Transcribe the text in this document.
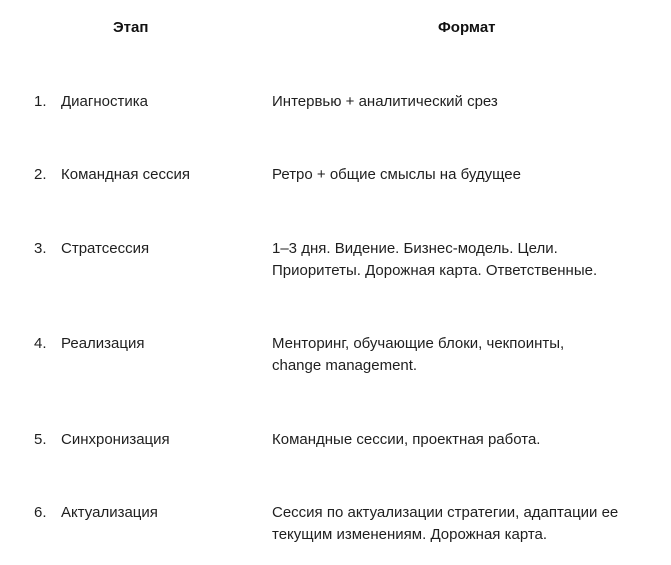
Этап	Формат
1. Диагностика	Интервью + аналитический срез
2. Командная сессия	Ретро + общие смыслы на будущее
3. Стратсессия	1–3 дня. Видение. Бизнес-модель. Цели.
Приоритеты. Дорожная карта. Ответственные.
4. Реализация	Менторинг, обучающие блоки, чекпоинты,
change management.
5. Синхронизация	Командные сессии, проектная работа.
6. Актуализация	Сессия по актуализации стратегии, адаптации ее
текущим изменениям. Дорожная карта.
